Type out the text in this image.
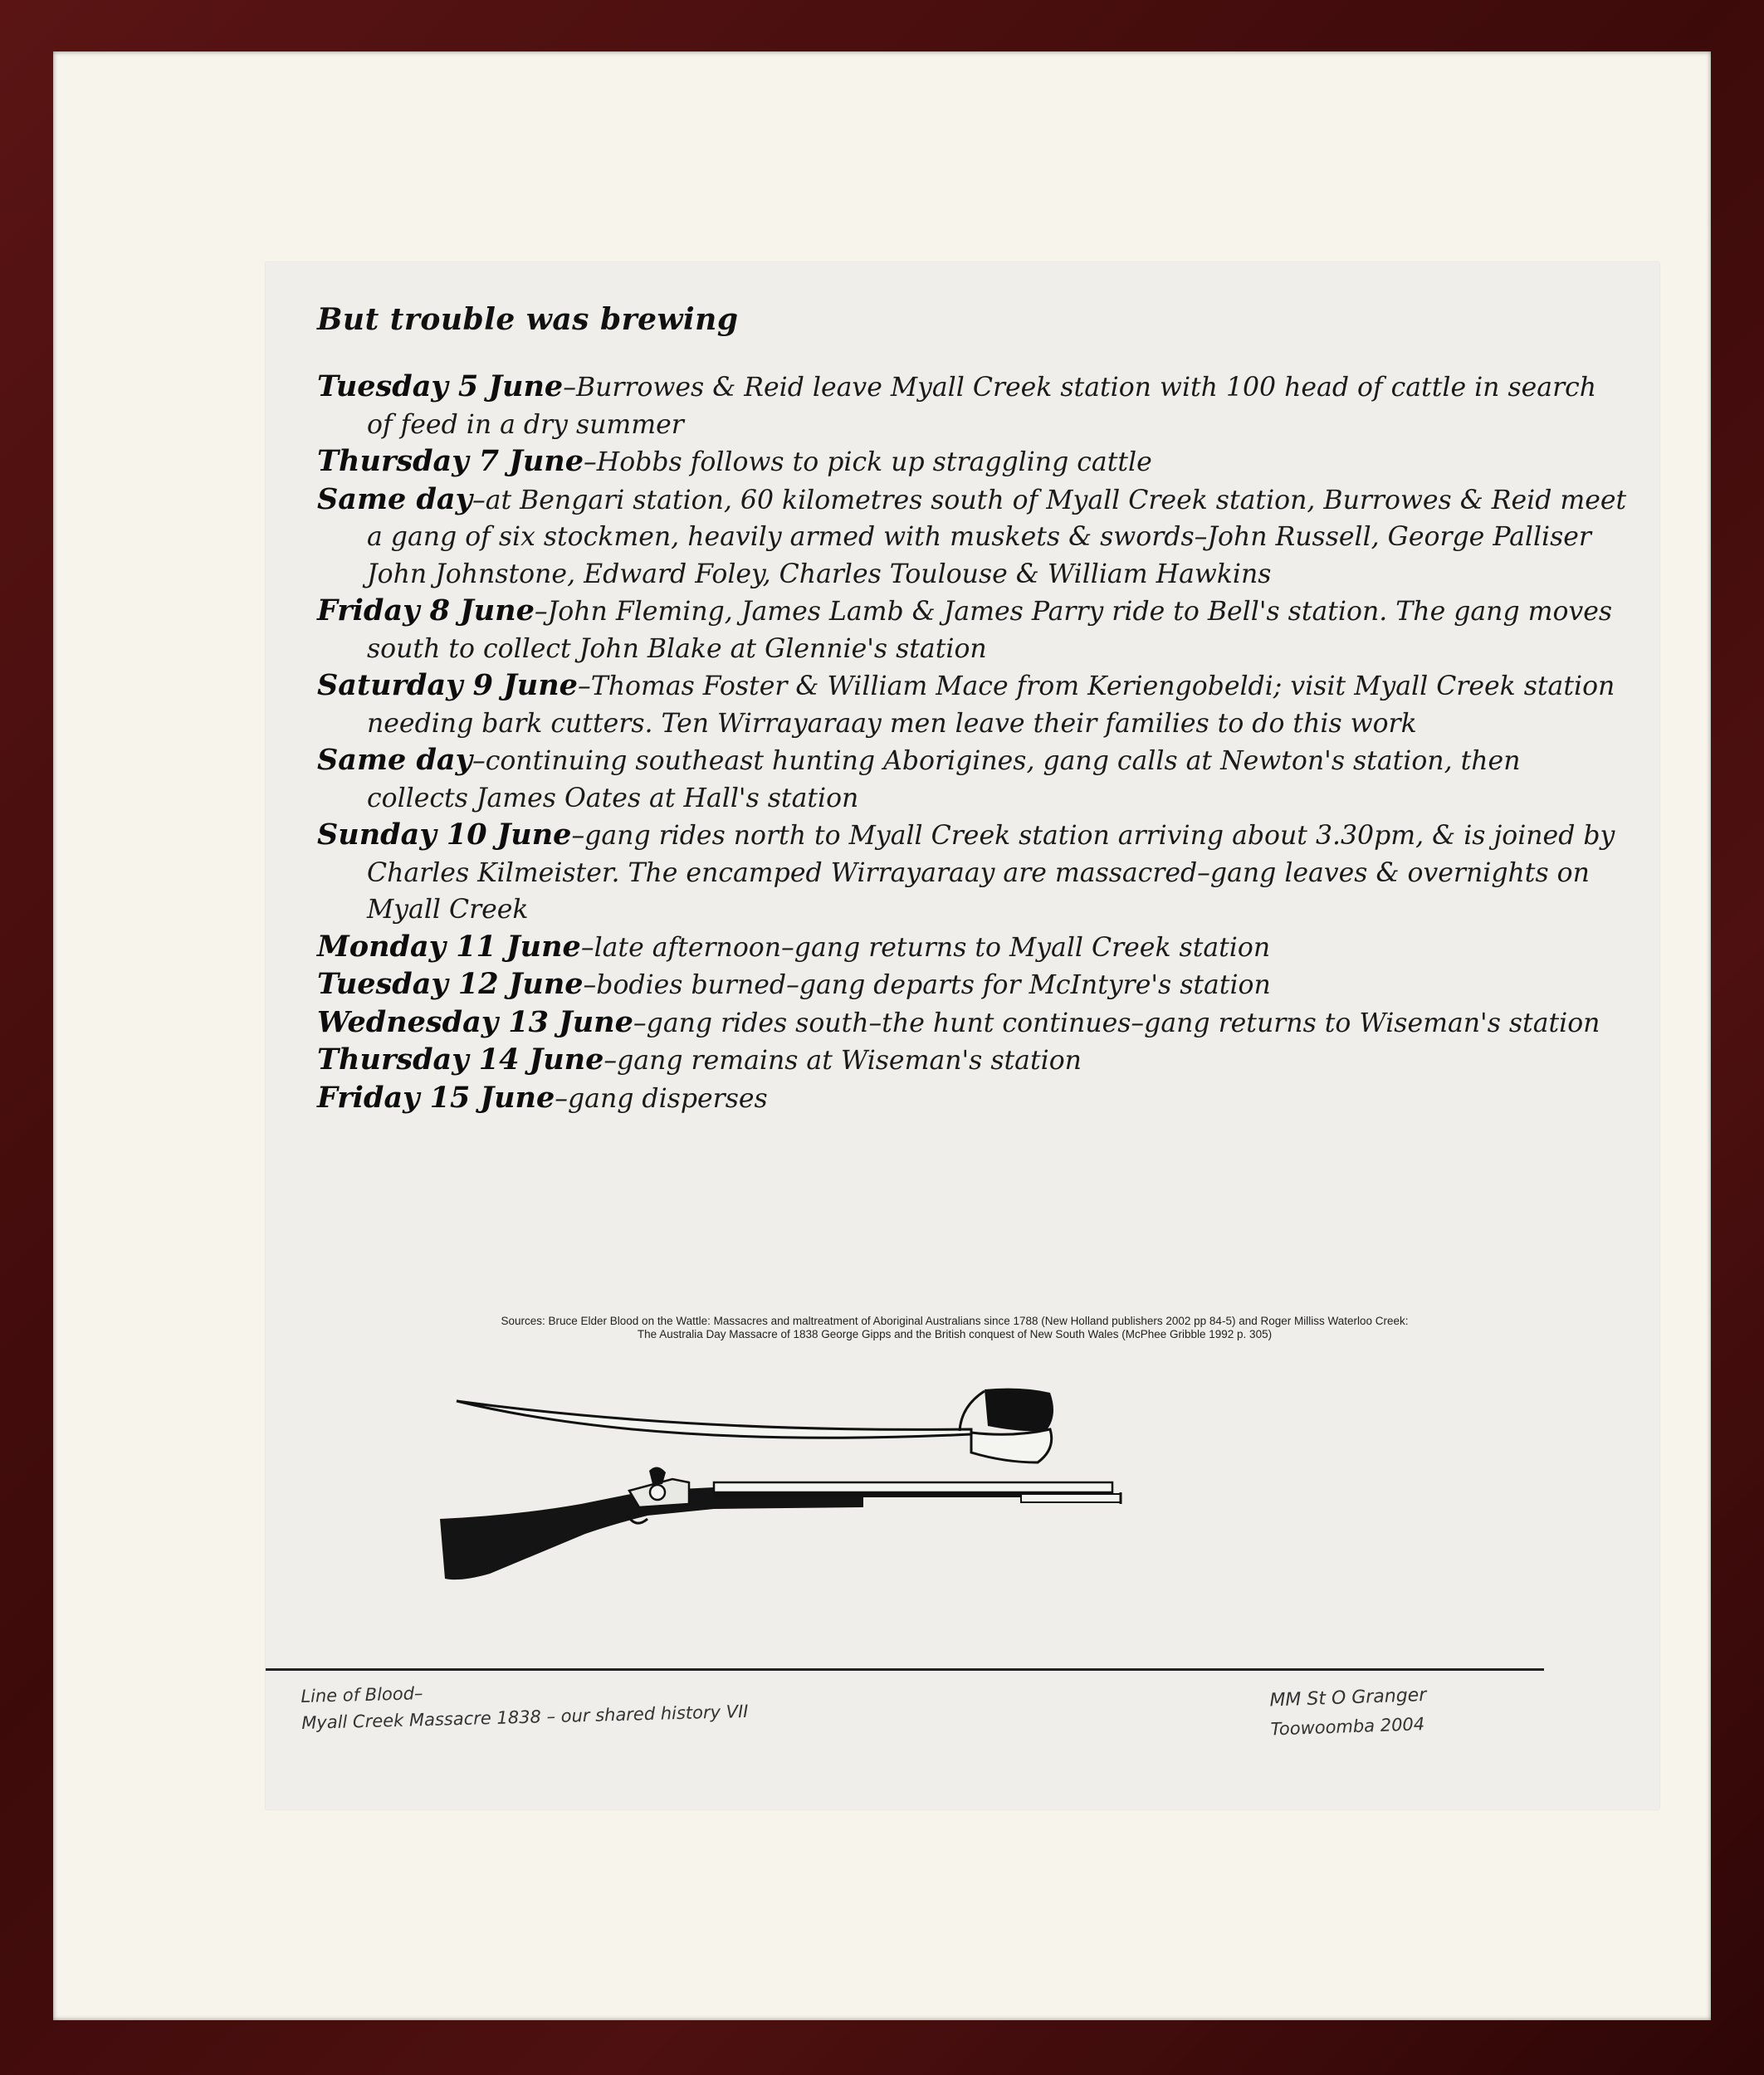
But trouble was brewing

Tuesday 5 June–Burrowes & Reid leave Myall Creek station with 100 head of cattle in search of feed in a dry summer

Thursday 7 June–Hobbs follows to pick up straggling cattle

Same day–at Bengari station, 60 kilometres south of Myall Creek station, Burrowes & Reid meet a gang of six stockmen, heavily armed with muskets & swords–John Russell, George Palliser John Johnstone, Edward Foley, Charles Toulouse & William Hawkins

Friday 8 June–John Fleming, James Lamb & James Parry ride to Bell's station. The gang moves south to collect John Blake at Glennie's station

Saturday 9 June–Thomas Foster & William Mace from Keriengobeldi; visit Myall Creek station needing bark cutters. Ten Wirrayaraay men leave their families to do this work

Same day–continuing southeast hunting Aborigines, gang calls at Newton's station, then collects James Oates at Hall's station

Sunday 10 June–gang rides north to Myall Creek station arriving about 3.30pm, & is joined by Charles Kilmeister. The encamped Wirrayaraay are massacred–gang leaves & overnights on Myall Creek

Monday 11 June–late afternoon–gang returns to Myall Creek station

Tuesday 12 June–bodies burned–gang departs for McIntyre's station

Wednesday 13 June–gang rides south–the hunt continues–gang returns to Wiseman's station

Thursday 14 June–gang remains at Wiseman's station

Friday 15 June–gang disperses

Sources: Bruce Elder Blood on the Wattle: Massacres and maltreatment of Aboriginal Australians since 1788 (New Holland publishers 2002 pp 84-5) and Roger Milliss Waterloo Creek:
The Australia Day Massacre of 1838 George Gipps and the British conquest of New South Wales (McPhee Gribble 1992 p. 305)
Line of Blood–
Myall Creek Massacre 1838 – our shared history VII
MM St O Granger
Toowoomba 2004
